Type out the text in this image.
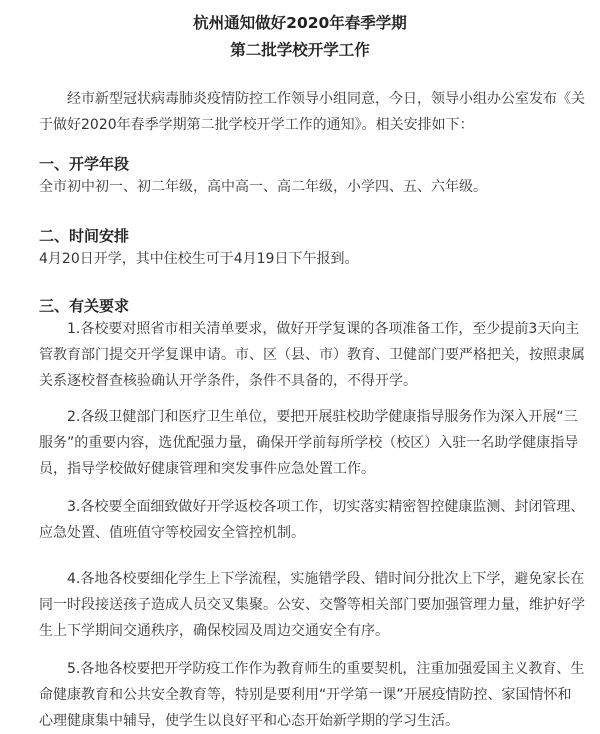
杭州通知做好2020年春季学期
第二批学校开学工作

经市新型冠状病毒肺炎疫情防控工作领导小组同意，今日，领导小组办公室发布《关于做好2020年春季学期第二批学校开学工作的通知》。相关安排如下：

一、开学年段

全市初中初一、初二年级，高中高一、高二年级，小学四、五、六年级。

二、时间安排

4月20日开学，其中住校生可于4月19日下午报到。

三、有关要求

1.各校要对照省市相关清单要求，做好开学复课的各项准备工作，至少提前3天向主管教育部门提交开学复课申请。市、区（县、市）教育、卫健部门要严格把关，按照隶属关系逐校督查核验确认开学条件，条件不具备的，不得开学。

2.各级卫健部门和医疗卫生单位，要把开展驻校助学健康指导服务作为深入开展“三服务”的重要内容，选优配强力量，确保开学前每所学校（校区）入驻一名助学健康指导员，指导学校做好健康管理和突发事件应急处置工作。

3.各校要全面细致做好开学返校各项工作，切实落实精密智控健康监测、封闭管理、应急处置、值班值守等校园安全管控机制。

4.各地各校要细化学生上下学流程，实施错学段、错时间分批次上下学，避免家长在同一时段接送孩子造成人员交叉集聚。公安、交警等相关部门要加强管理力量，维护好学生上下学期间交通秩序，确保校园及周边交通安全有序。

5.各地各校要把开学防疫工作作为教育师生的重要契机，注重加强爱国主义教育、生命健康教育和公共安全教育等，特别是要利用“开学第一课”开展疫情防控、家国情怀和心理健康集中辅导，使学生以良好平和心态开始新学期的学习生活。
